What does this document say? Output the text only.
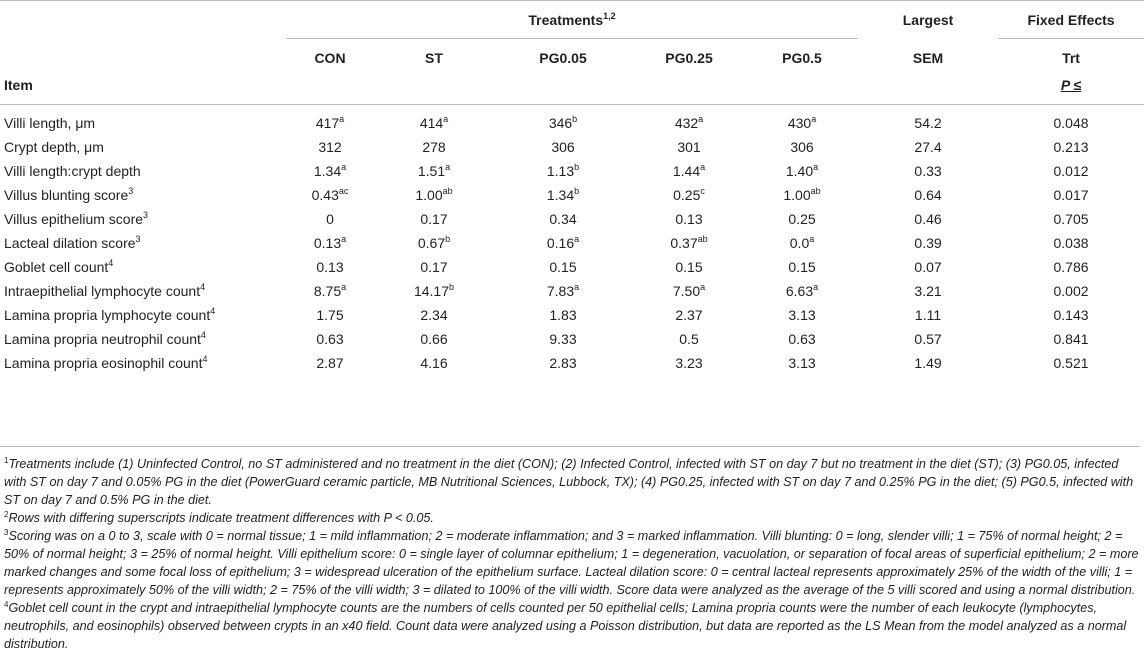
	Treatments$^{1,2}$					Largest	Fixed Effects
	CON	ST	PG0.05	PG0.25	PG0.5	SEM	Trt
Item							P ≤
Villi length, μm	417$^a$	414$^a$	346$^b$	432$^a$	430$^a$	54.2	0.048
Crypt depth, μm	312	278	306	301	306	27.4	0.213
Villi length:crypt depth	1.34$^a$	1.51$^a$	1.13$^b$	1.44$^a$	1.40$^a$	0.33	0.012
Villus blunting score$^3$	0.43$^{ac}$	1.00$^{ab}$	1.34$^b$	0.25$^c$	1.00$^{ab}$	0.64	0.017
Villus epithelium score$^3$	0	0.17	0.34	0.13	0.25	0.46	0.705
Lacteal dilation score$^3$	0.13$^a$	0.67$^b$	0.16$^a$	0.37$^{ab}$	0.0$^a$	0.39	0.038
Goblet cell count$^4$	0.13	0.17	0.15	0.15	0.15	0.07	0.786
Intraepithelial lymphocyte count$^4$	8.75$^a$	14.17$^b$	7.83$^a$	7.50$^a$	6.63$^a$	3.21	0.002
Lamina propria lymphocyte count$^4$	1.75	2.34	1.83	2.37	3.13	1.11	0.143
Lamina propria neutrophil count$^4$	0.63	0.66	9.33	0.5	0.63	0.57	0.841
Lamina propria eosinophil count$^4$	2.87	4.16	2.83	3.23	3.13	1.49	0.521

$^1$Treatments include (1) Uninfected Control, no ST administered and no treatment in the diet (CON); (2) Infected Control, infected with ST on day 7 but no treatment in the diet (ST); (3) PG0.05, infected with ST on day 7 and 0.05% PG in the diet (PowerGuard ceramic particle, MB Nutritional Sciences, Lubbock, TX); (4) PG0.25, infected with ST on day 7 and 0.25% PG in the diet; (5) PG0.5, infected with ST on day 7 and 0.5% PG in the diet.

$^2$Rows with differing superscripts indicate treatment differences with P < 0.05.

$^3$Scoring was on a 0 to 3, scale with 0 = normal tissue; 1 = mild inflammation; 2 = moderate inflammation; and 3 = marked inflammation. Villi blunting: 0 = long, slender villi; 1 = 75% of normal height; 2 = 50% of normal height; 3 = 25% of normal height. Villi epithelium score: 0 = single layer of columnar epithelium; 1 = degeneration, vacuolation, or separation of focal areas of superficial epithelium; 2 = more marked changes and some focal loss of epithelium; 3 = widespread ulceration of the epithelium surface. Lacteal dilation score: 0 = central lacteal represents approximately 25% of the width of the villi; 1 = represents approximately 50% of the villi width; 2 = 75% of the villi width; 3 = dilated to 100% of the villi width. Score data were analyzed as the average of the 5 villi scored and using a normal distribution.

$^4$Goblet cell count in the crypt and intraepithelial lymphocyte counts are the numbers of cells counted per 50 epithelial cells; Lamina propria counts were the number of each leukocyte (lymphocytes, neutrophils, and eosinophils) observed between crypts in an x40 field. Count data were analyzed using a Poisson distribution, but data are reported as the LS Mean from the model analyzed as a normal distribution.
